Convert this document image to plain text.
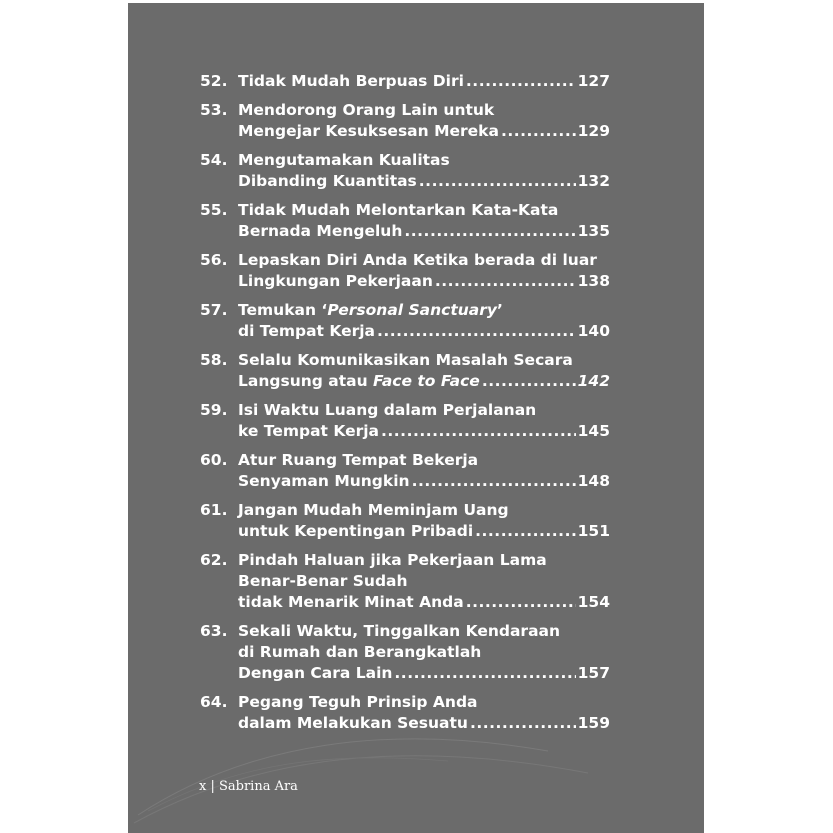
52. Tidak Mudah Berpuas Diri .....	127
53. Mendorong Orang Lain untuk
Mengejar Kesuksesan Mereka .....	129
54. Mengutamakan Kualitas
Dibanding Kuantitas .....	132
55. Tidak Mudah Melontarkan Kata-Kata
Bernada Mengeluh .....	135
56. Lepaskan Diri Anda Ketika berada di luar
Lingkungan Pekerjaan .....	138
57. Temukan ‘Personal Sanctuary’
di Tempat Kerja .....	140
58. Selalu Komunikasikan Masalah Secara
Langsung atau Face to Face .....	142
59. Isi Waktu Luang dalam Perjalanan
ke Tempat Kerja .....	145
60. Atur Ruang Tempat Bekerja
Senyaman Mungkin .....	148
61. Jangan Mudah Meminjam Uang
untuk Kepentingan Pribadi .....	151
62. Pindah Haluan jika Pekerjaan Lama
Benar-Benar Sudah
tidak Menarik Minat Anda .....	154
63. Sekali Waktu, Tinggalkan Kendaraan
di Rumah dan Berangkatlah
Dengan Cara Lain .....	157
64. Pegang Teguh Prinsip Anda
dalam Melakukan Sesuatu .....	159
x | Sabrina Ara
